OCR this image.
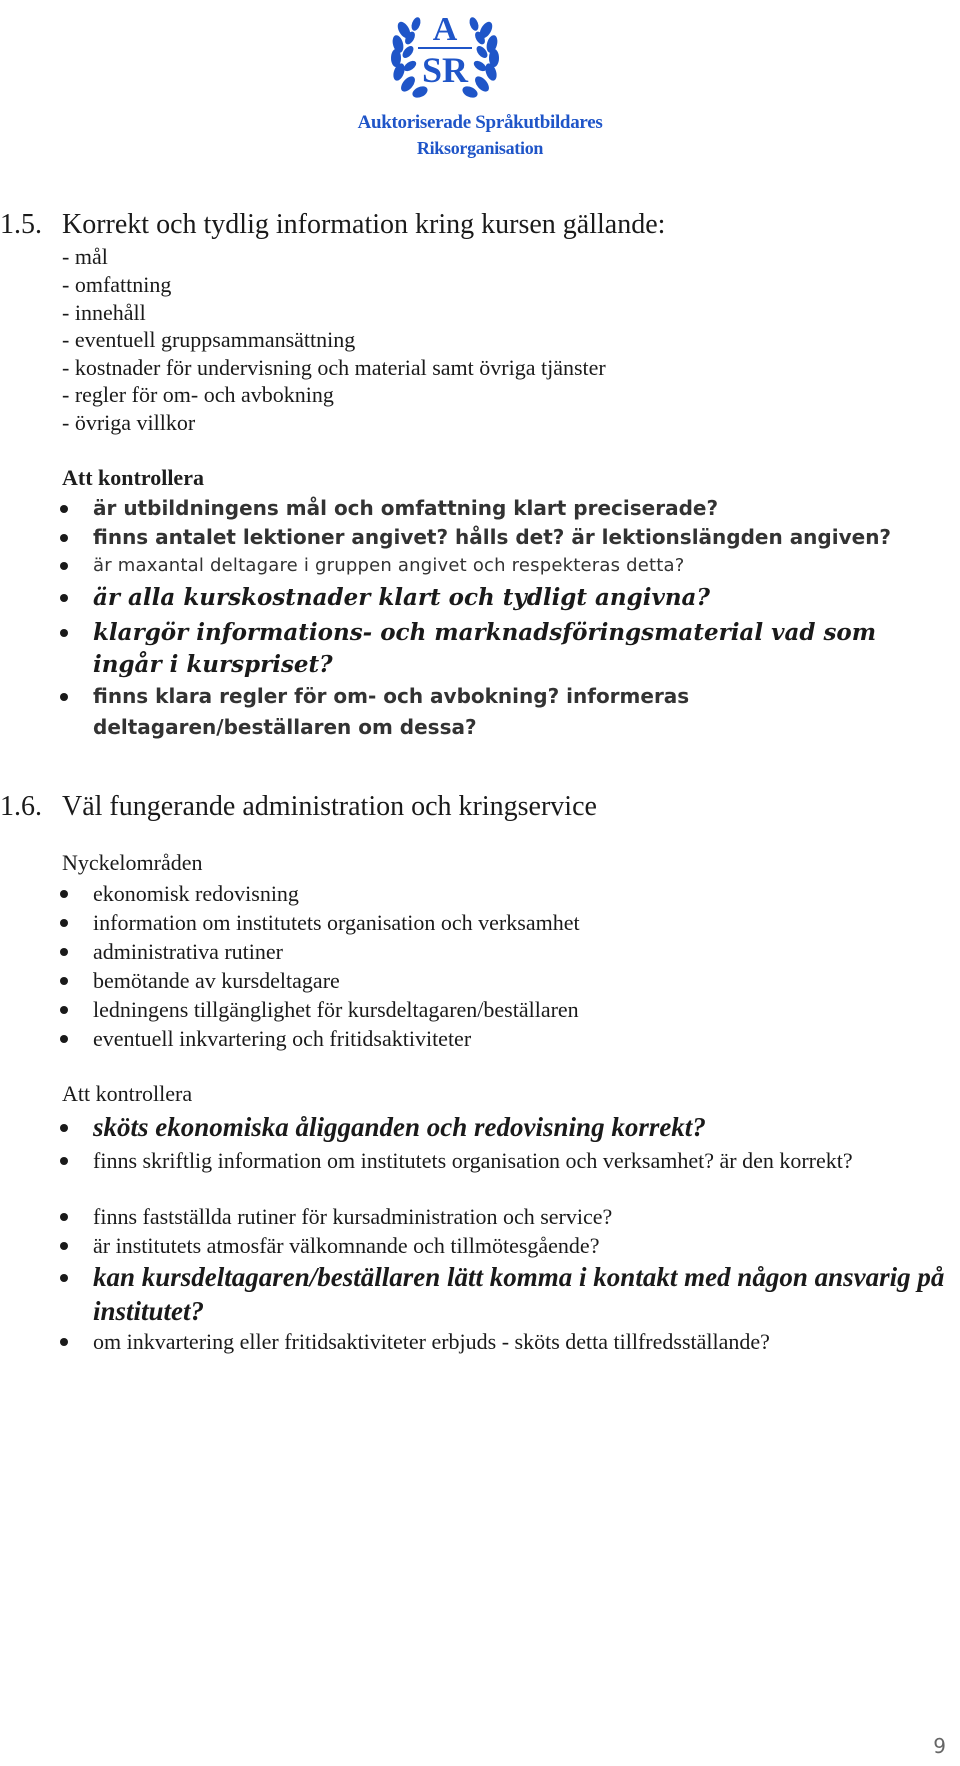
A
SR
Auktoriserade Språkutbildares
Riksorganisation
1.5. Korrekt och tydlig information kring kursen gällande:
- mål
- omfattning
- innehåll
- eventuell gruppsammansättning
- kostnader för undervisning och material samt övriga tjänster
- regler för om- och avbokning
- övriga villkor
Att kontrollera
är utbildningens mål och omfattning klart preciserade?
finns antalet lektioner angivet? hålls det? är lektionslängden angiven?
är maxantal deltagare i gruppen angivet och respekteras detta?
är alla kurskostnader klart och tydligt angivna?
klargör informations- och marknadsföringsmaterial vad som ingår i kurspriset?
finns klara regler för om- och avbokning? informeras deltagaren/beställaren om dessa?
1.6. Väl fungerande administration och kringservice
Nyckelområden
ekonomisk redovisning
information om institutets organisation och verksamhet
administrativa rutiner
bemötande av kursdeltagare
ledningens tillgänglighet för kursdeltagaren/beställaren
eventuell inkvartering och fritidsaktiviteter
Att kontrollera
sköts ekonomiska åligganden och redovisning korrekt?
finns skriftlig information om institutets organisation och verksamhet? är den korrekt?
finns fastställda rutiner för kursadministration och service?
är institutets atmosfär välkomnande och tillmötesgående?
kan kursdeltagaren/beställaren lätt komma i kontakt med någon ansvarig på institutet?
om inkvartering eller fritidsaktiviteter erbjuds - sköts detta tillfredsställande?
9
